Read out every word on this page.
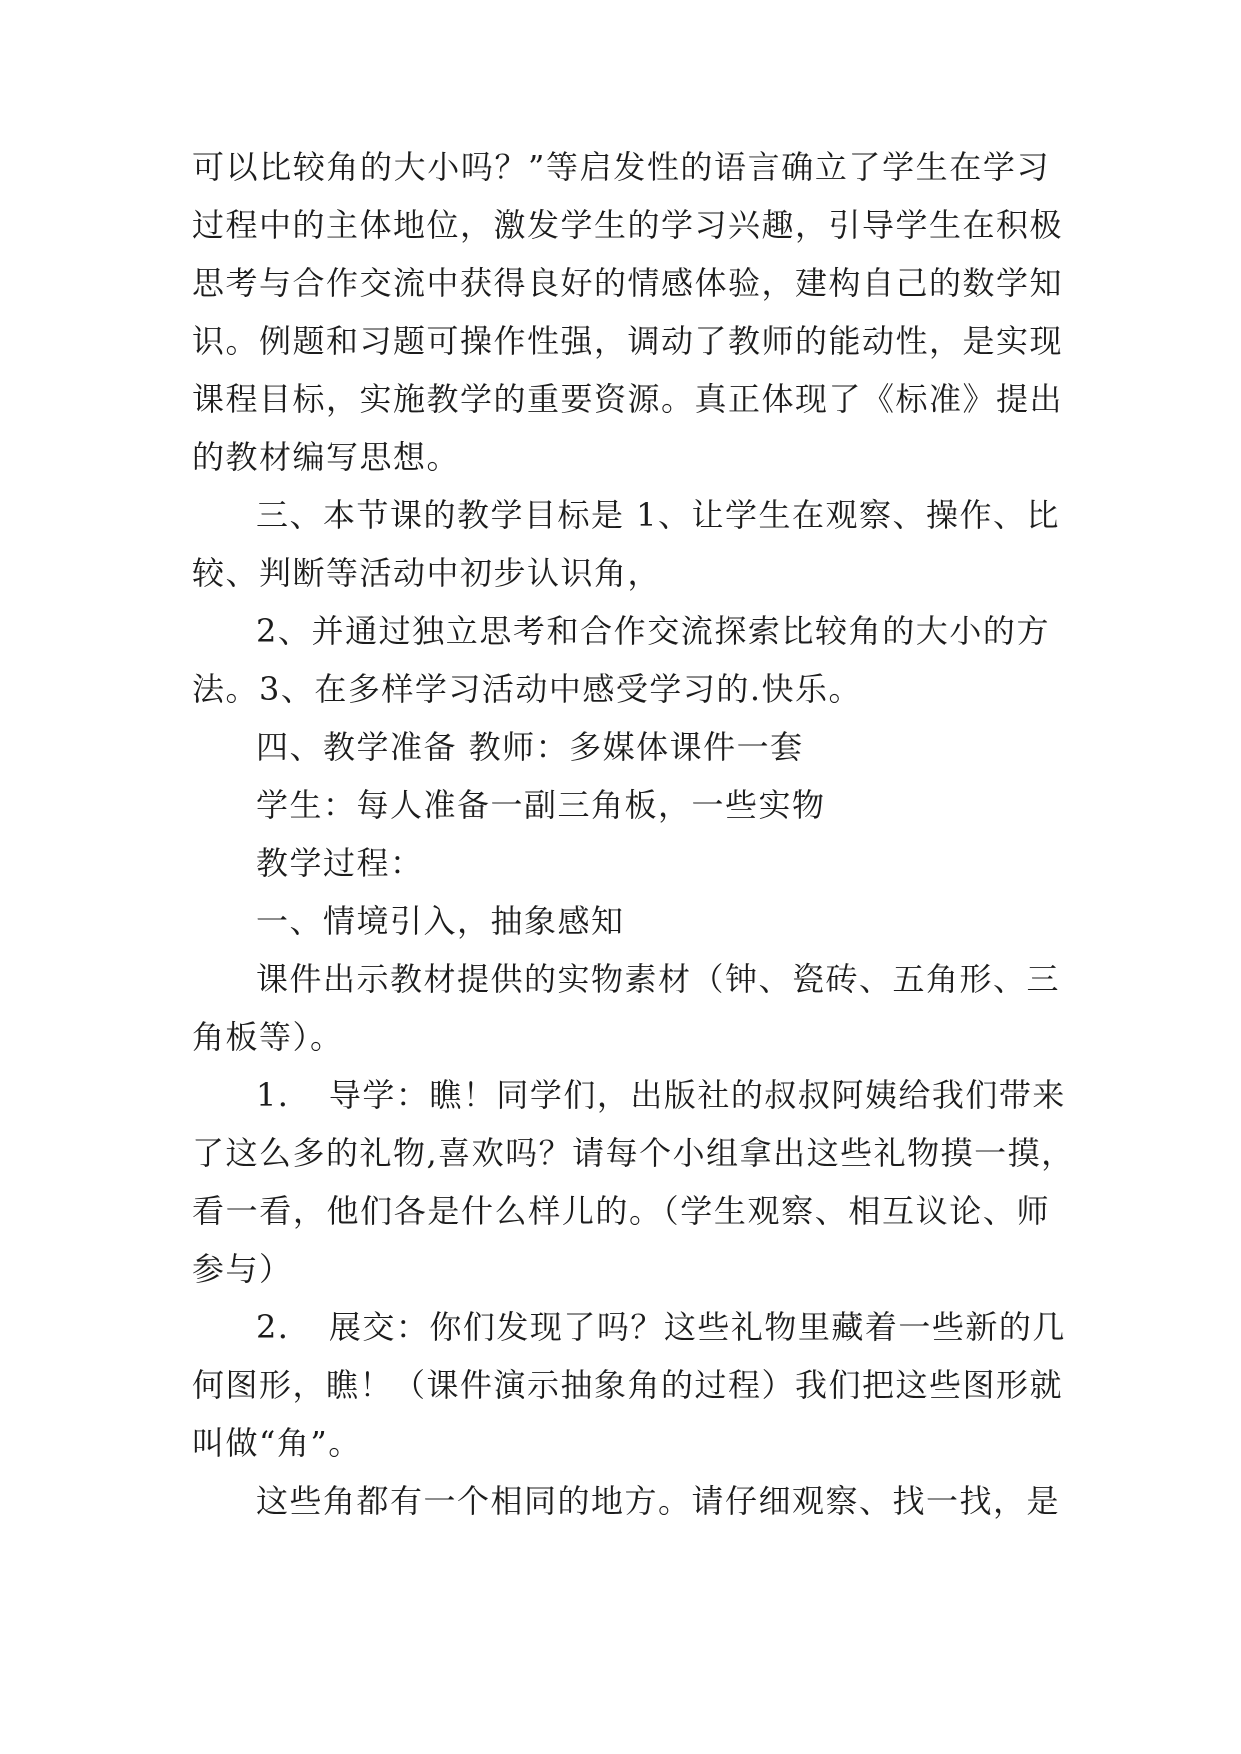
可以比较角的大小吗？”等启发性的语言确立了学生在学习
过程中的主体地位，激发学生的学习兴趣，引导学生在积极
思考与合作交流中获得良好的情感体验，建构自己的数学知
识。例题和习题可操作性强，调动了教师的能动性，是实现
课程目标，实施教学的重要资源。真正体现了《标准》提出
的教材编写思想。
三、本节课的教学目标是 1、让学生在观察、操作、比
较、判断等活动中初步认识角，
2、并通过独立思考和合作交流探索比较角的大小的方
法。3、在多样学习活动中感受学习的.快乐。
四、教学准备 教师：多媒体课件一套
学生：每人准备一副三角板，一些实物
教学过程：
一、情境引入，抽象感知
课件出示教材提供的实物素材（钟、瓷砖、五角形、三
角板等）。
1．　导学：瞧！同学们，出版社的叔叔阿姨给我们带来
了这么多的礼物,喜欢吗？请每个小组拿出这些礼物摸一摸，
看一看，他们各是什么样儿的。（学生观察、相互议论、师
参与）
2．　展交：你们发现了吗？这些礼物里藏着一些新的几
何图形，瞧！（课件演示抽象角的过程）我们把这些图形就
叫做“角”。
这些角都有一个相同的地方。请仔细观察、找一找，是
